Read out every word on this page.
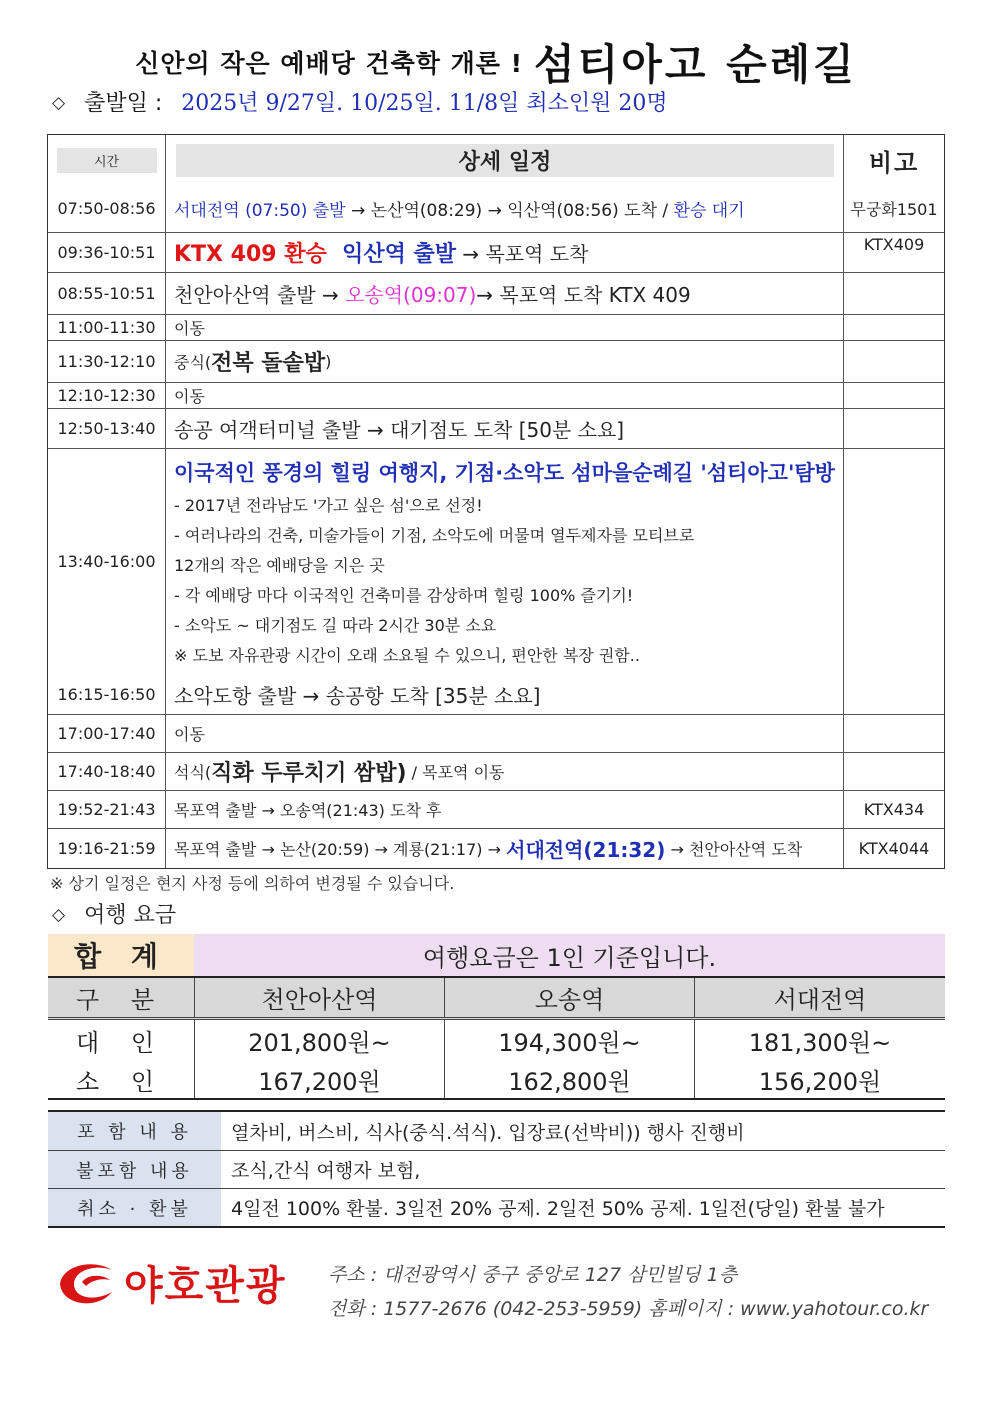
신안의 작은 예배당 건축학 개론 ! 섬티아고 순례길
◇ 출발일 : 2025년 9/27일. 10/25일. 11/8일 최소인원 20명
시간	상세 일정	비고
07:50-08:56	서대전역 (07:50) 출발 → 논산역(08:29) → 익산역(08:56) 도착 / 환승 대기	무궁화1501
09:36-10:51 KTX 409 환승 익산역 출발 → 목포역 도착	KTX409
08:55-10:51 천안아산역 출발 → 오송역(09:07) → 목포역 도착 KTX 409
11:00-11:30	이동
11:30-12:10	중식( 전복 돌솥밥 )
12:10-12:30	이동
12:50-13:40 송공 여객터미널 출발 → 대기점도 도착 [50분 소요]
13:40-16:00
이국적인 풍경의 힐링 여행지, 기점·소악도 섬마을순례길 '섬티아고'탐방
- 2017년 전라남도 '가고 싶은 섬'으로 선정!
- 여러나라의 건축, 미술가들이 기점, 소악도에 머물며 열두제자를 모티브로
12개의 작은 예배당을 지은 곳
- 각 예배당 마다 이국적인 건축미를 감상하며 힐링 100% 즐기기!
- 소악도 ~ 대기점도 길 따라 2시간 30분 소요
※ 도보 자유관광 시간이 오래 소요될 수 있으니, 편안한 복장 권함..
16:15-16:50 소악도항 출발 → 송공항 도착 [35분 소요]
17:00-17:40	이동
17:40-18:40	석식( 직화 두루치기 쌈밥) / 목포역 이동
19:52-21:43	목포역 출발 → 오송역(21:43) 도착 후	KTX434
19:16-21:59	목포역 출발 → 논산(20:59) → 계룡(21:17) → 서대전역(21:32) → 천안아산역 도착	KTX4044
※ 상기 일정은 현지 사정 등에 의하여 변경될 수 있습니다.
◇ 여행 요금
합 계	여행요금은 1인 기준입니다.
구 분	천안아산역	오송역	서대전역
대 인	201,800원~	194,300원~	181,300원~
소 인	167,200원	162,800원	156,200원
포 함 내 용	열차비, 버스비, 식사(중식.석식). 입장료(선박비)) 행사 진행비
불포함 내용	조식,간식 여행자 보험,
취소 · 환불	4일전 100% 환불. 3일전 20% 공제. 2일전 50% 공제. 1일전(당일) 환불 불가
야호관광 주소 : 대전광역시 중구 중앙로 127 삼민빌딩 1층
전화 : 1577-2676 (042-253-5959) 홈페이지 : www.yahotour.co.kr
